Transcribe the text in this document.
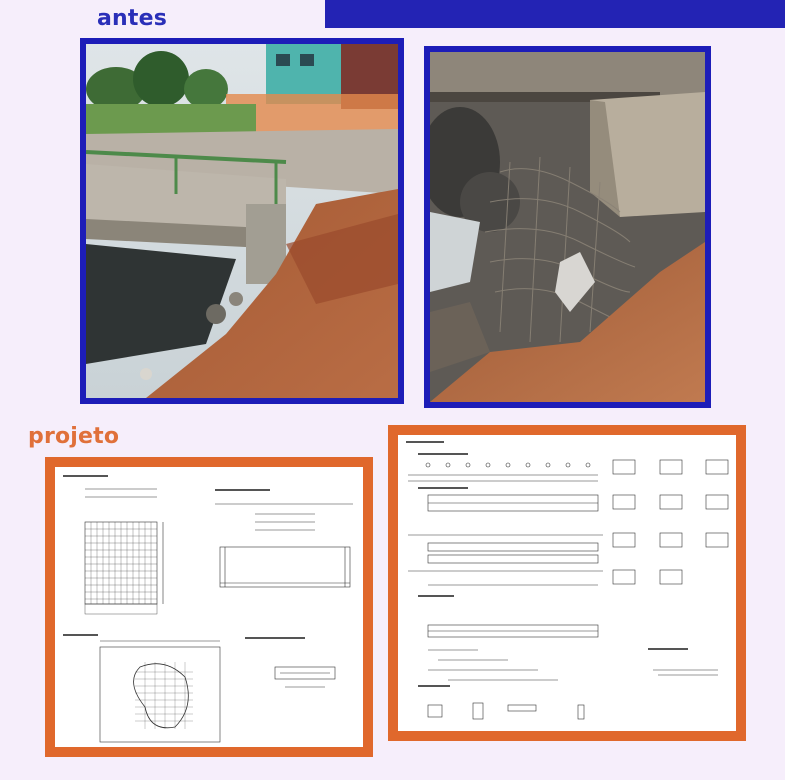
antes
projeto
